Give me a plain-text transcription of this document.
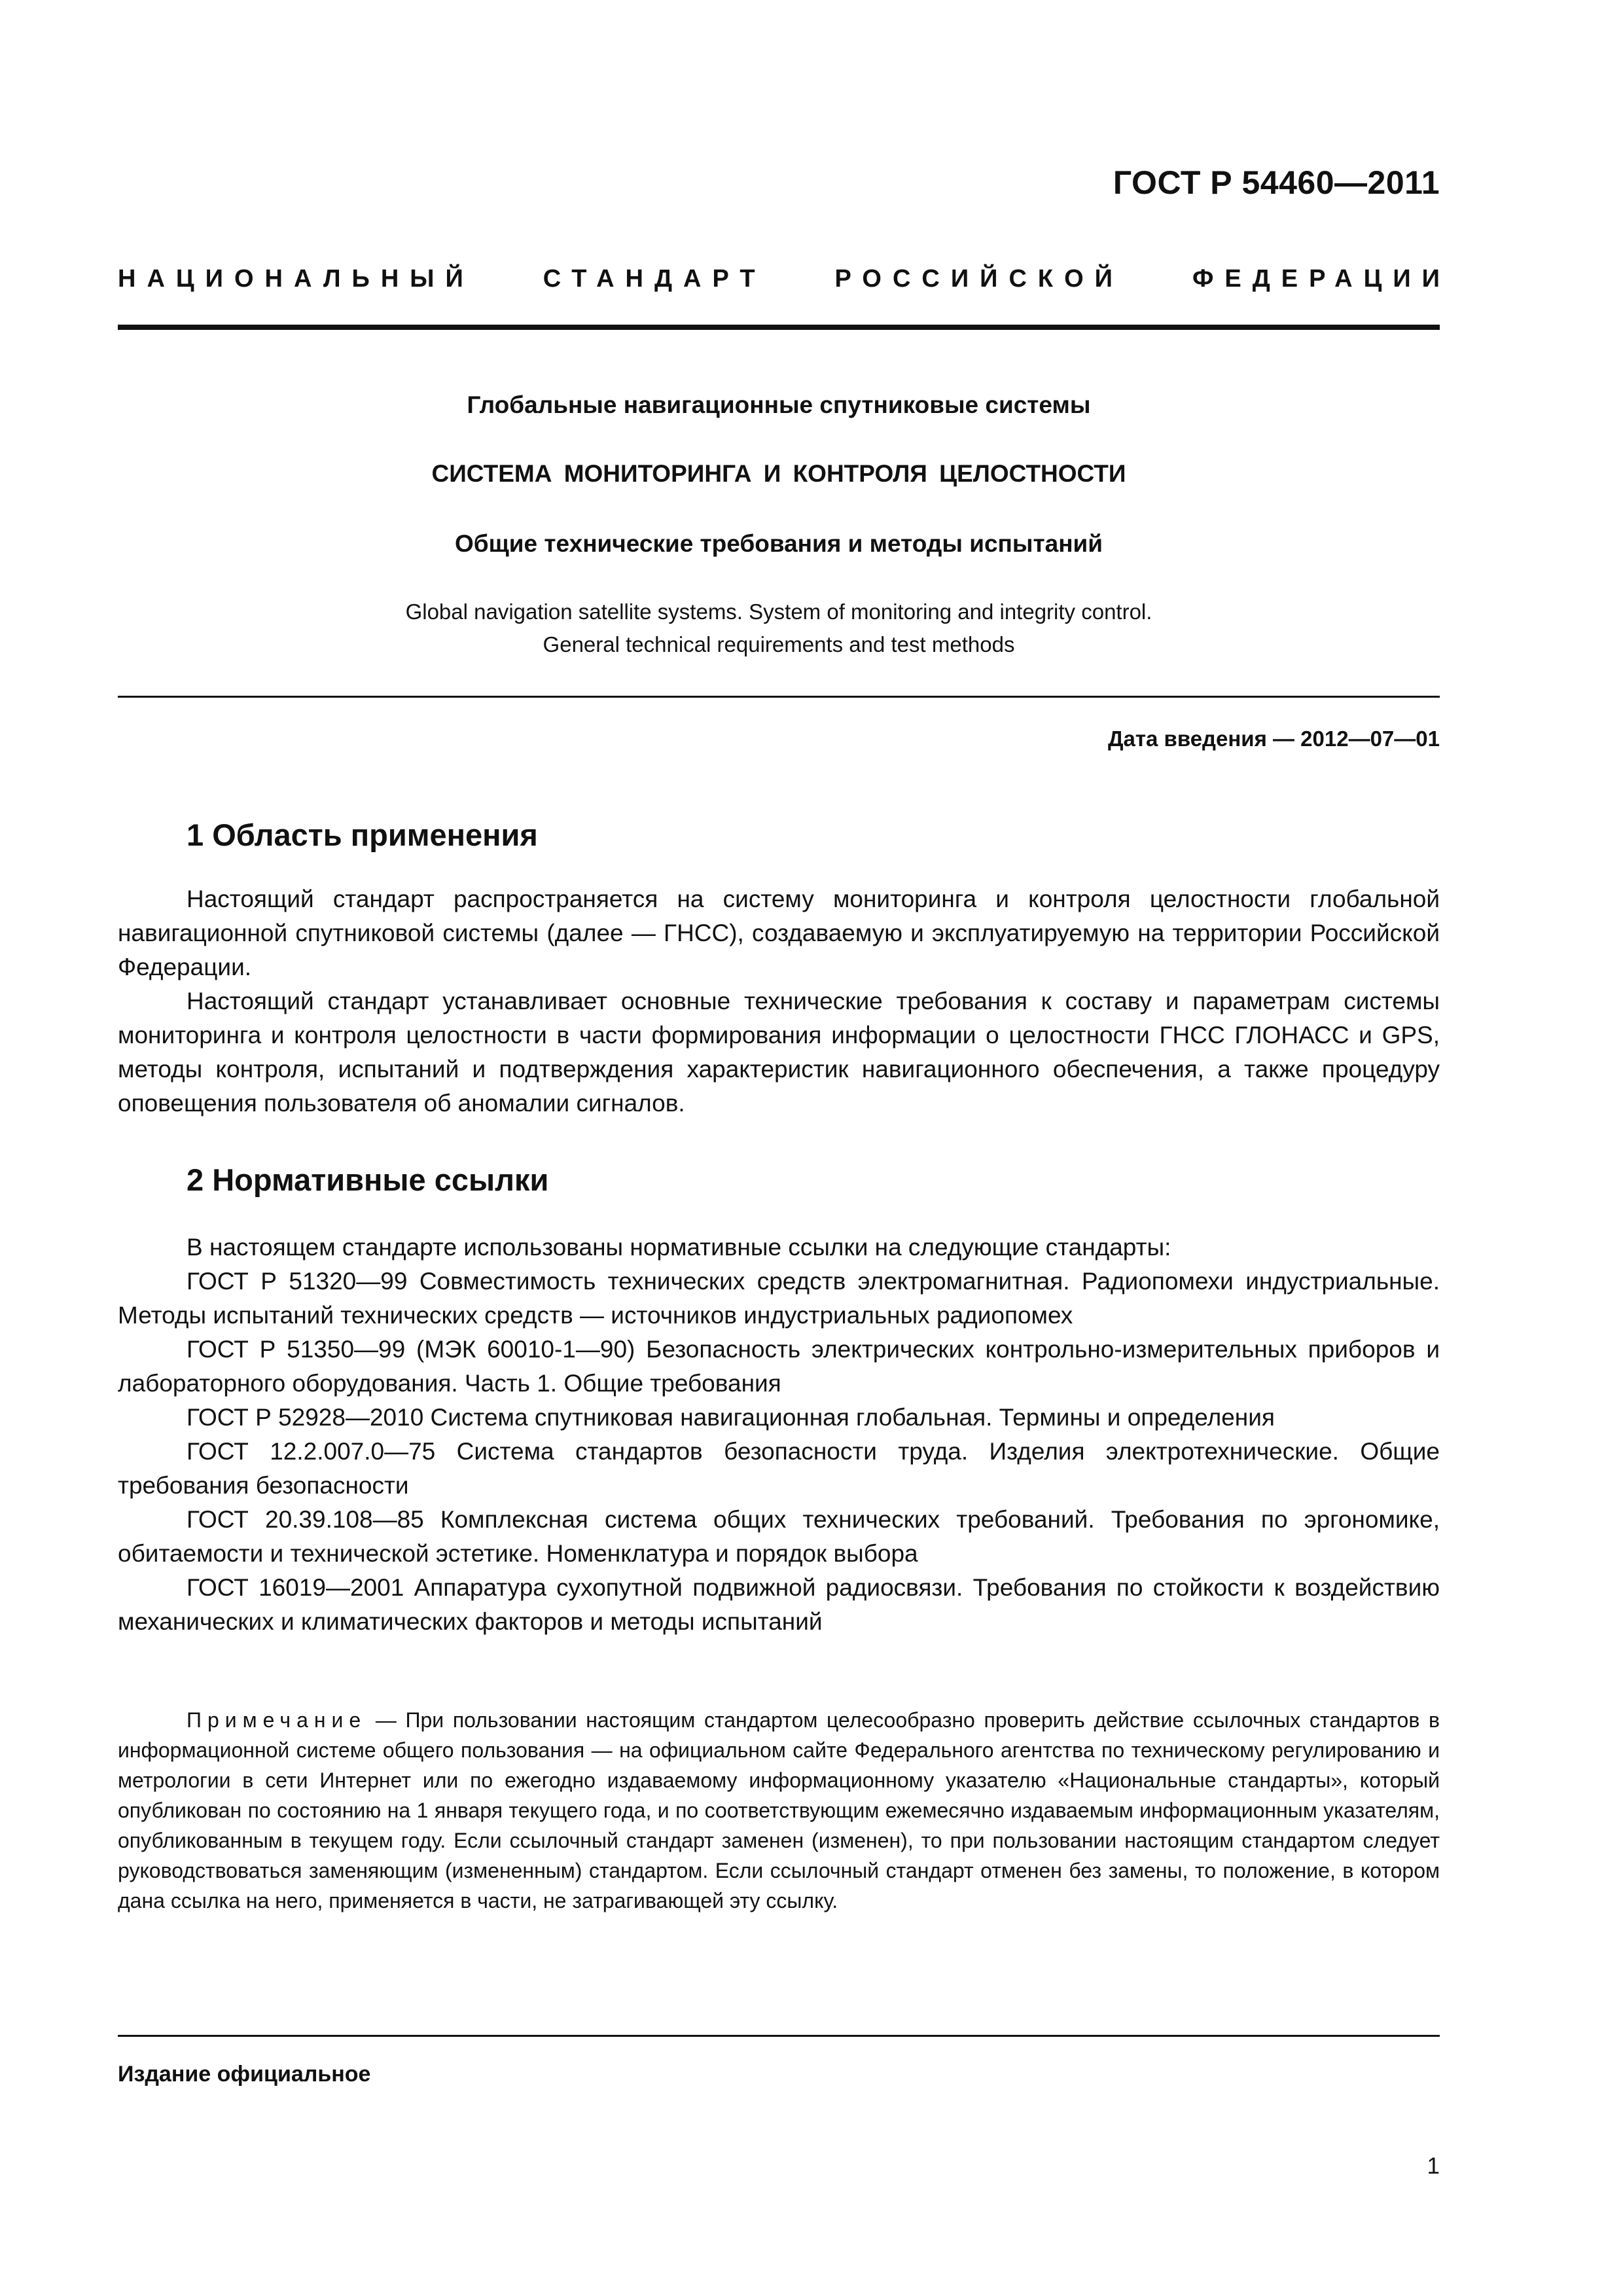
ГОСТ Р 54460—2011
НАЦИОНАЛЬНЫЙ	СТАНДАРТ	РОССИЙСКОЙ	ФЕДЕРАЦИИ
Глобальные навигационные спутниковые системы
СИСТЕМА МОНИТОРИНГА И КОНТРОЛЯ ЦЕЛОСТНОСТИ
Общие технические требования и методы испытаний
Global navigation satellite systems. System of monitoring and integrity control.
General technical requirements and test methods
Дата введения — 2012—07—01
1 Область применения

Настоящий стандарт распространяется на систему мониторинга и контроля целостности глобальной навигационной спутниковой системы (далее — ГНСС), создаваемую и эксплуатируемую на территории Российской Федерации.

Настоящий стандарт устанавливает основные технические требования к составу и параметрам системы мониторинга и контроля целостности в части формирования информации о целостности ГНСС ГЛОНАСС и GPS, методы контроля, испытаний и подтверждения характеристик навигационного обеспечения, а также процедуру оповещения пользователя об аномалии сигналов.

2 Нормативные ссылки

В настоящем стандарте использованы нормативные ссылки на следующие стандарты:

ГОСТ Р 51320—99 Совместимость технических средств электромагнитная. Радиопомехи индустриальные. Методы испытаний технических средств — источников индустриальных радиопомех

ГОСТ Р 51350—99 (МЭК 60010-1—90) Безопасность электрических контрольно-измерительных приборов и лабораторного оборудования. Часть 1. Общие требования

ГОСТ Р 52928—2010 Система спутниковая навигационная глобальная. Термины и определения

ГОСТ 12.2.007.0—75 Система стандартов безопасности труда. Изделия электротехнические. Общие требования безопасности

ГОСТ 20.39.108—85 Комплексная система общих технических требований. Требования по эргономике, обитаемости и технической эстетике. Номенклатура и порядок выбора

ГОСТ 16019—2001 Аппаратура сухопутной подвижной радиосвязи. Требования по стойкости к воздействию механических и климатических факторов и методы испытаний

Примечание — При пользовании настоящим стандартом целесообразно проверить действие ссылочных стандартов в информационной системе общего пользования — на официальном сайте Федерального агентства по техническому регулированию и метрологии в сети Интернет или по ежегодно издаваемому информационному указателю «Национальные стандарты», который опубликован по состоянию на 1 января текущего года, и по соответствующим ежемесячно издаваемым информационным указателям, опубликованным в текущем году. Если ссылочный стандарт заменен (изменен), то при пользовании настоящим стандартом следует руководствоваться заменяющим (измененным) стандартом. Если ссылочный стандарт отменен без замены, то положение, в котором дана ссылка на него, применяется в части, не затрагивающей эту ссылку.
Издание официальное
1
